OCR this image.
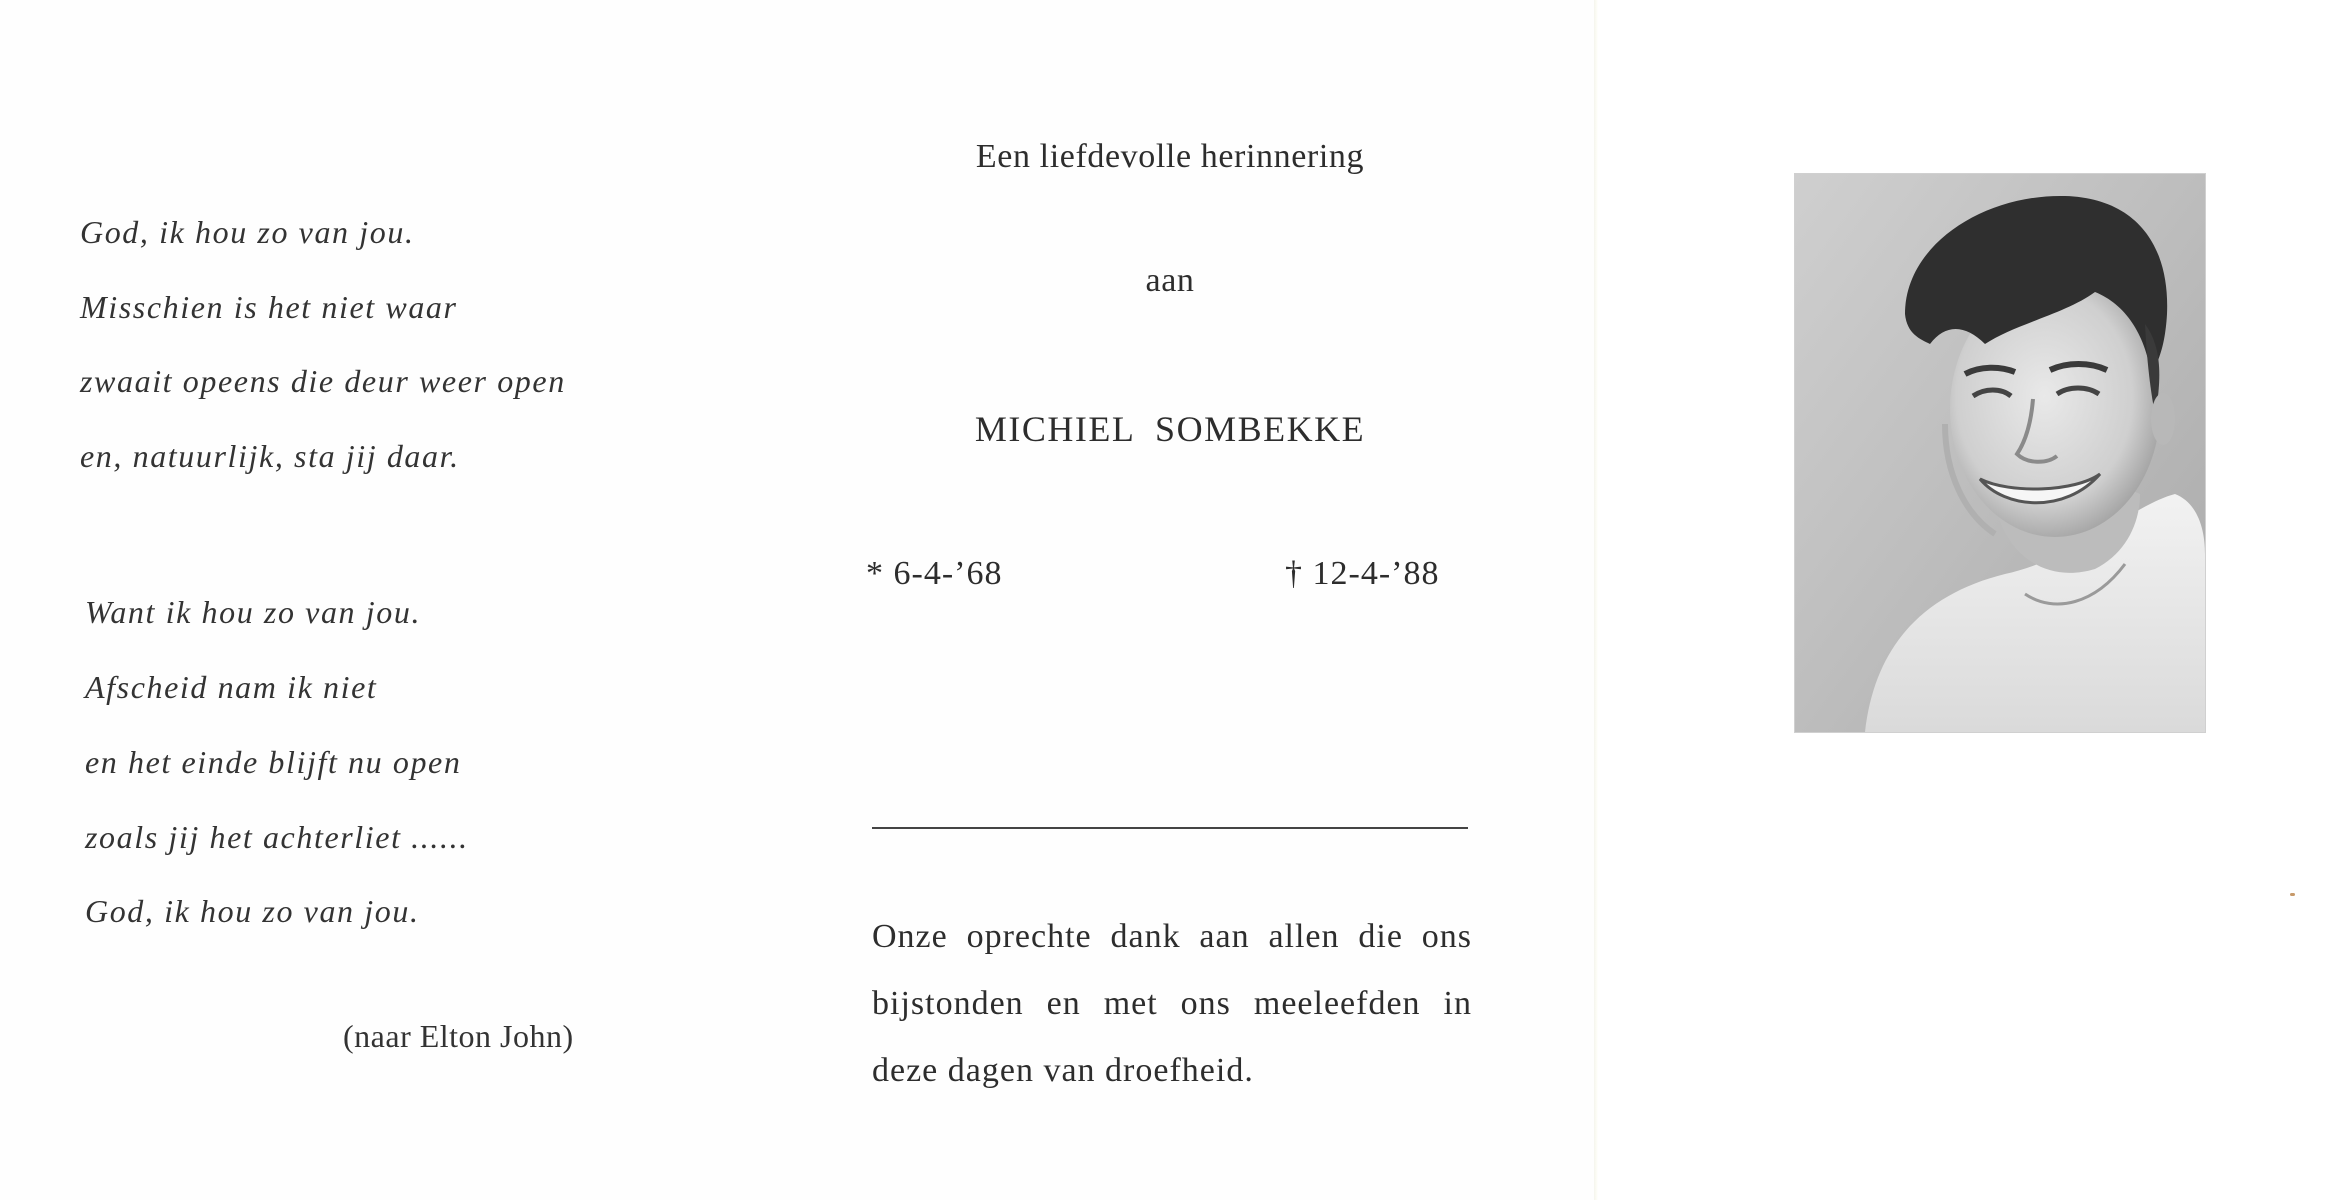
God, ik hou zo van jou.
Misschien is het niet waar
zwaait opeens die deur weer open
en, natuurlijk, sta jij daar.
Want ik hou zo van jou.
Afscheid nam ik niet
en het einde blijft nu open
zoals jij het achterliet ......
God, ik hou zo van jou.
(naar Elton John)
Een liefdevolle herinnering
aan
MICHIEL  SOMBEKKE
* 6-4-’68	† 12-4-’88
Onze oprechte dank aan allen die ons
bijstonden en met ons meeleefden in
deze dagen van droefheid.
